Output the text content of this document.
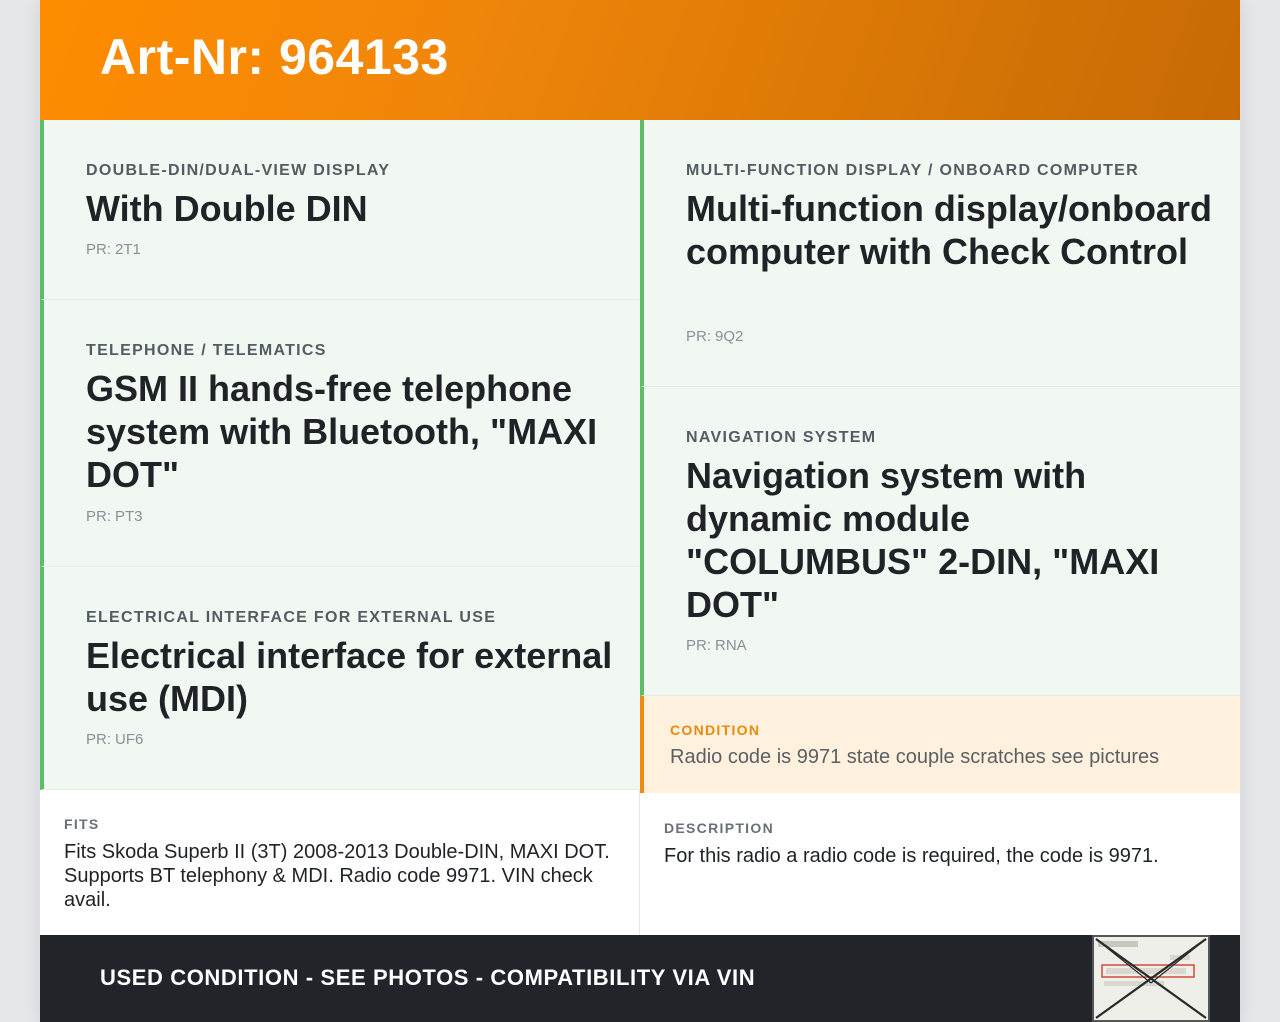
Art-Nr: 964133

DOUBLE-DIN/DUAL-VIEW DISPLAY

With Double DIN

PR: 2T1

TELEPHONE / TELEMATICS

GSM II hands-free telephone system with Bluetooth, "MAXI DOT"

PR: PT3

ELECTRICAL INTERFACE FOR EXTERNAL USE

Electrical interface for external use (MDI)

PR: UF6

FITS

Fits Skoda Superb II (3T) 2008-2013 Double-DIN, MAXI DOT. Supports BT telephony & MDI. Radio code 9971. VIN check avail.

MULTI-FUNCTION DISPLAY / ONBOARD COMPUTER

Multi-function display/onboard computer with Check Control

PR: 9Q2

NAVIGATION SYSTEM

Navigation system with dynamic module "COLUMBUS" 2-DIN, "MAXI DOT"

PR: RNA

CONDITION

Radio code is 9971 state couple scratches see pictures

DESCRIPTION

For this radio a radio code is required, the code is 9971.

USED CONDITION - SEE PHOTOS - COMPATIBILITY VIA VIN
